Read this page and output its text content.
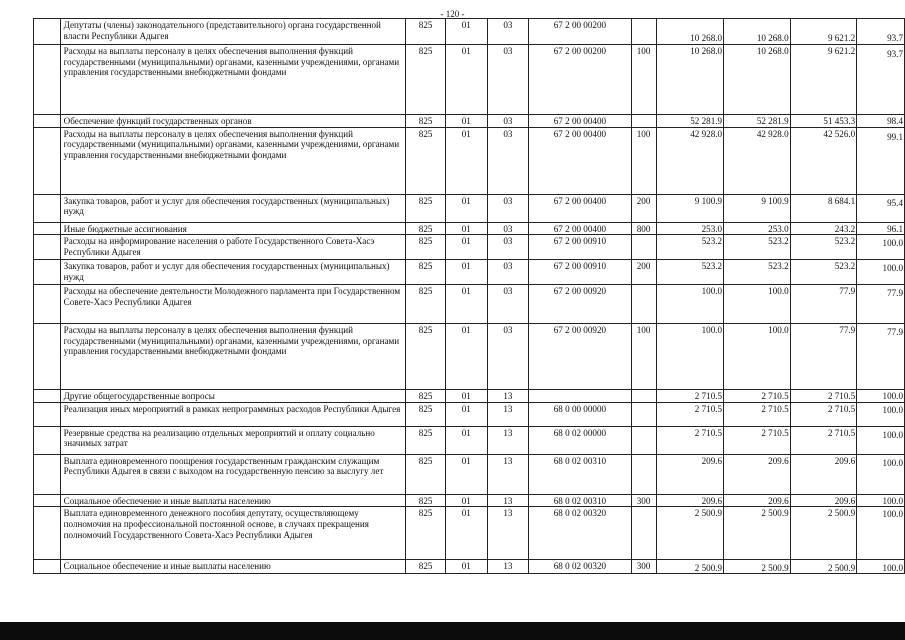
- 120 -
	Депутаты (члены) законодательного (представительного) органа государственной власти Республики Адыгея	825	01	03	67 2 00 00200		10 268.0	10 268.0	9 621.2	93.7
	Расходы на выплаты персоналу в целях обеспечения выполнения функций государственными (муниципальными) органами, казенными учреждениями, органами управления государственными внебюджетными фондами	825	01	03	67 2 00 00200	100	10 268.0	10 268.0	9 621.2	93.7
	Обеспечение функций государственных органов	825	01	03	67 2 00 00400		52 281.9	52 281.9	51 453.3	98.4
	Расходы на выплаты персоналу в целях обеспечения выполнения функций государственными (муниципальными) органами, казенными учреждениями, органами управления государственными внебюджетными фондами	825	01	03	67 2 00 00400	100	42 928.0	42 928.0	42 526.0	99.1
	Закупка товаров, работ и услуг для обеспечения государственных (муниципальных) нужд	825	01	03	67 2 00 00400	200	9 100.9	9 100.9	8 684.1	95.4
	Иные бюджетные ассигнования	825	01	03	67 2 00 00400	800	253.0	253.0	243.2	96.1
	Расходы на информирование населения о работе Государственного Совета-Хасэ Республики Адыгея	825	01	03	67 2 00 00910		523.2	523.2	523.2	100.0
	Закупка товаров, работ и услуг для обеспечения государственных (муниципальных) нужд	825	01	03	67 2 00 00910	200	523.2	523.2	523.2	100.0
	Расходы на обеспечение деятельности Молодежного парламента при Государственном Совете-Хасэ Республики Адыгея	825	01	03	67 2 00 00920		100.0	100.0	77.9	77.9
	Расходы на выплаты персоналу в целях обеспечения выполнения функций государственными (муниципальными) органами, казенными учреждениями, органами управления государственными внебюджетными фондами	825	01	03	67 2 00 00920	100	100.0	100.0	77.9	77.9
	Другие общегосударственные вопросы	825	01	13			2 710.5	2 710.5	2 710.5	100.0
	Реализация иных мероприятий в рамках непрограммных расходов Республики Адыгея	825	01	13	68 0 00 00000		2 710.5	2 710.5	2 710.5	100.0
	Резервные средства на реализацию отдельных мероприятий и оплату социально значимых затрат	825	01	13	68 0 02 00000		2 710.5	2 710.5	2 710.5	100.0
	Выплата единовременного поощрения государственным гражданским служащим Республики Адыгея в связи с выходом на государственную пенсию за выслугу лет	825	01	13	68 0 02 00310		209.6	209.6	209.6	100.0
	Социальное обеспечение и иные выплаты населению	825	01	13	68 0 02 00310	300	209.6	209.6	209.6	100.0
	Выплата единовременного денежного пособия депутату, осуществляющему полномочия на профессиональной постоянной основе, в случаях прекращения полномочий Государственного Совета-Хасэ Республики Адыгея	825	01	13	68 0 02 00320		2 500.9	2 500.9	2 500.9	100.0
	Социальное обеспечение и иные выплаты населению	825	01	13	68 0 02 00320	300	2 500.9	2 500.9	2 500.9	100.0
